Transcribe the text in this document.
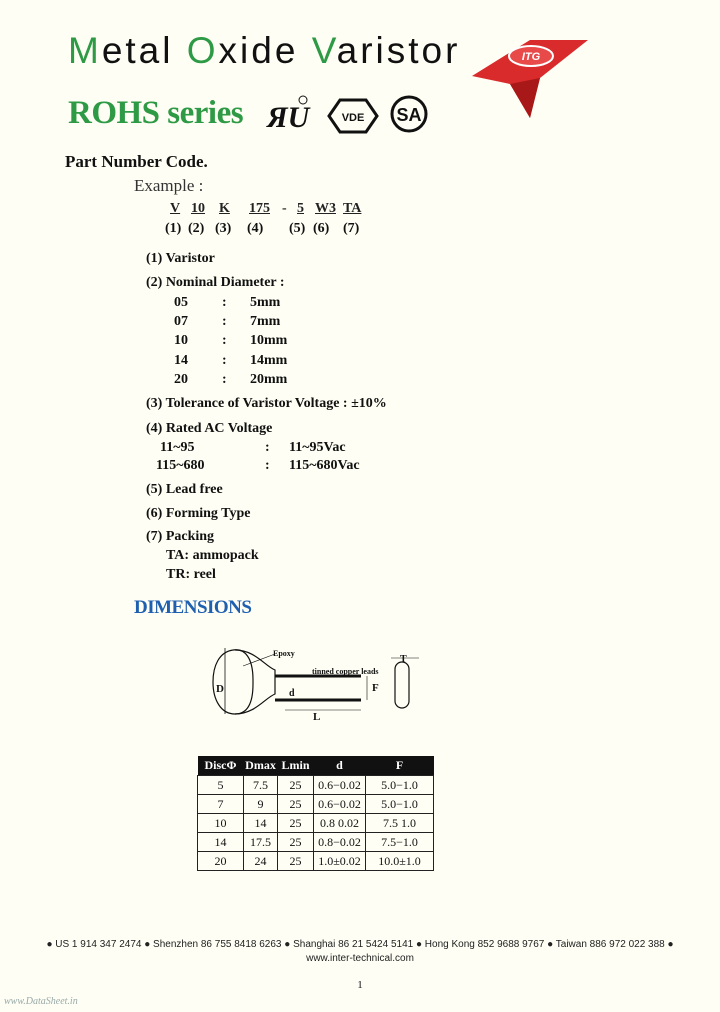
Metal Oxide Varistor	ITG
ROHS series ЯU	VDE SA
Part Number Code.
Example :
V 10 K 175 - 5 W3 TA
(1) (2) (3) (4) (5) (6) (7)
(1) Varistor
(2) Nominal Diameter :
05 : 5mm
07 : 7mm
10 : 10mm
14 : 14mm
20 : 20mm
(3) Tolerance of Varistor Voltage : ±10%
(4) Rated AC Voltage
11~95	: 11~95Vac
115~680	: 115~680Vac
(5) Lead free
(6) Forming Type
(7) Packing
TA: ammopack
TR: reel
DIMENSIONS
D
Epoxy
tinned copper leads
d
L
F
T
DiscΦ	Dmax	Lmin	d	F
5	7.5	25	0.6−0.02	5.0−1.0
7	9	25	0.6−0.02	5.0−1.0
10	14	25	0.8 0.02	7.5 1.0
14	17.5	25	0.8−0.02	7.5−1.0
20	24	25	1.0±0.02	10.0±1.0
● US 1 914 347 2474 ● Shenzhen 86 755 8418 6263 ● Shanghai 86 21 5424 5141 ● Hong Kong 852 9688 9767 ● Taiwan 886 972 022 388 ●
www.inter-technical.com
1
www.DataSheet.in
